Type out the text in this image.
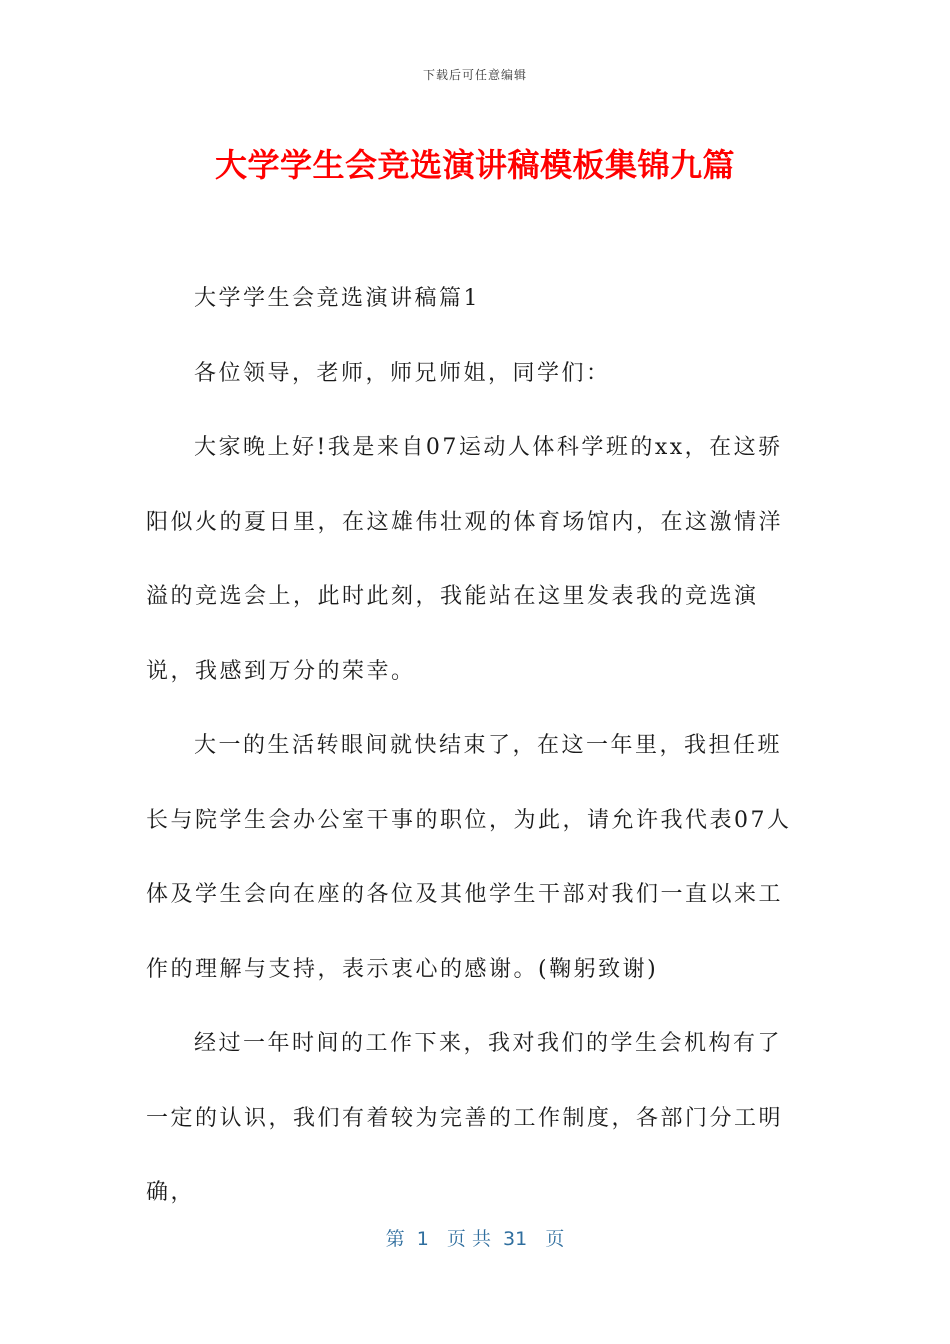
下载后可任意编辑
大学学生会竞选演讲稿模板集锦九篇

大学学生会竞选演讲稿篇1

各位领导，老师，师兄师姐，同学们：

大家晚上好!我是来自07运动人体科学班的xx，在这骄阳似火的夏日里，在这雄伟壮观的体育场馆内，在这激情洋溢的竞选会上，此时此刻，我能站在这里发表我的竞选演说，我感到万分的荣幸。

大一的生活转眼间就快结束了，在这一年里，我担任班长与院学生会办公室干事的职位，为此，请允许我代表07人体及学生会向在座的各位及其他学生干部对我们一直以来工作的理解与支持，表示衷心的感谢。(鞠躬致谢)

经过一年时间的工作下来，我对我们的学生会机构有了一定的认识，我们有着较为完善的工作制度，各部门分工明确，

第  1   页 共  31   页
